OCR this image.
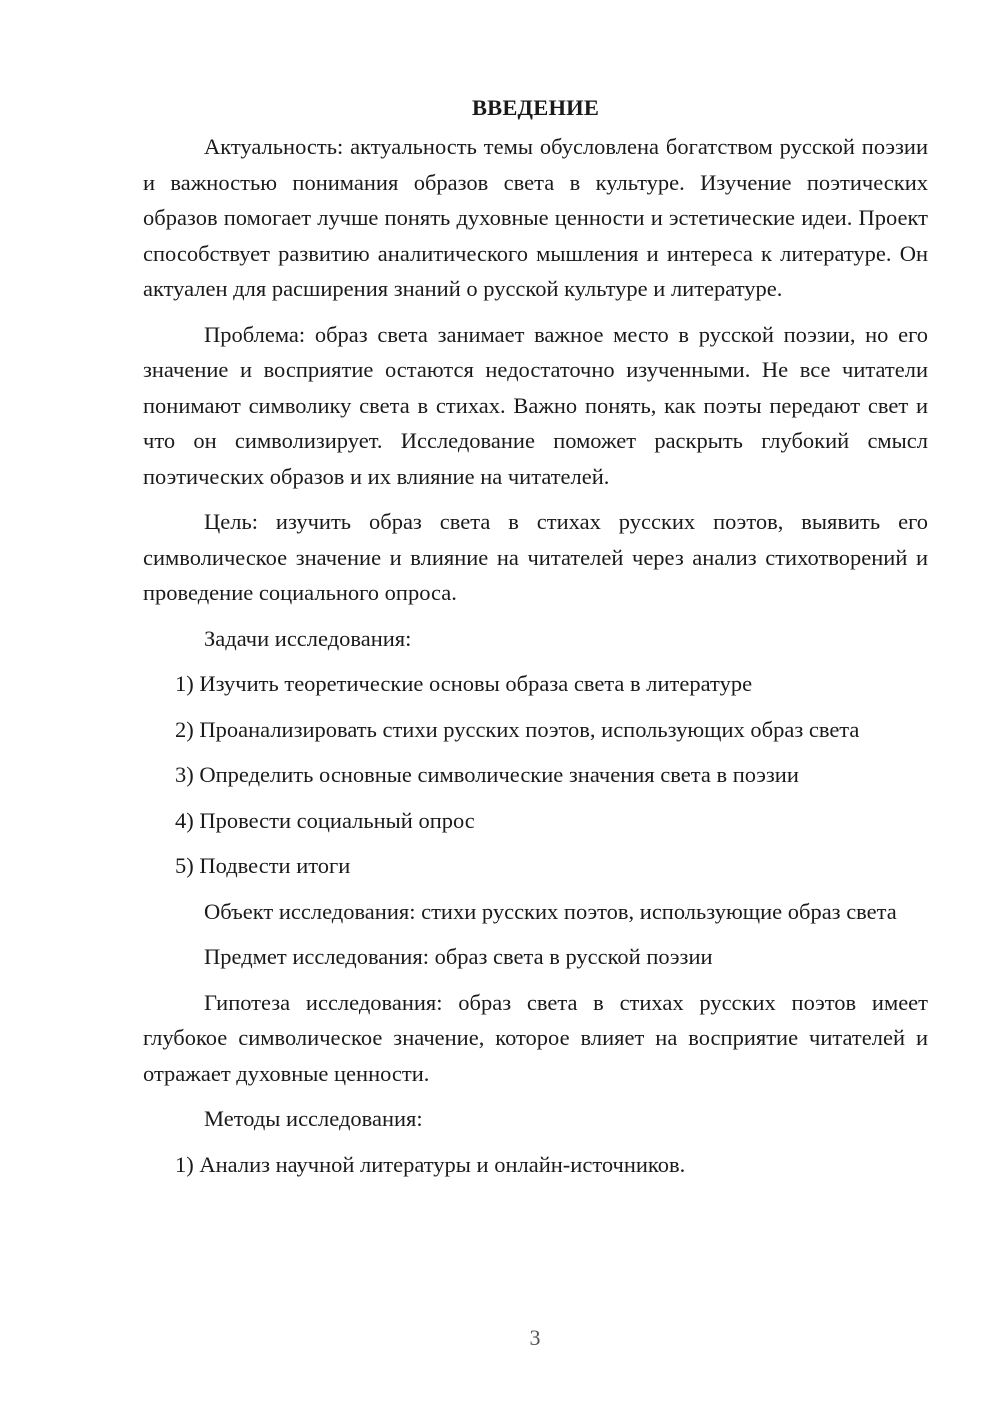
ВВЕДЕНИЕ

Актуальность: актуальность темы обусловлена богатством русской поэзии и важностью понимания образов света в культуре. Изучение поэтических образов помогает лучше понять духовные ценности и эстетические идеи. Проект способствует развитию аналитического мышления и интереса к литературе. Он актуален для расширения знаний о русской культуре и литературе.

Проблема: образ света занимает важное место в русской поэзии, но его значение и восприятие остаются недостаточно изученными. Не все читатели понимают символику света в стихах. Важно понять, как поэты передают свет и что он символизирует. Исследование поможет раскрыть глубокий смысл поэтических образов и их влияние на читателей.

Цель: изучить образ света в стихах русских поэтов, выявить его символическое значение и влияние на читателей через анализ стихотворений и проведение социального опроса.

Задачи исследования:

1) Изучить теоретические основы образа света в литературе

2) Проанализировать стихи русских поэтов, использующих образ света

3) Определить основные символические значения света в поэзии

4) Провести социальный опрос

5) Подвести итоги

Объект исследования: стихи русских поэтов, использующие образ света

Предмет исследования: образ света в русской поэзии

Гипотеза исследования: образ света в стихах русских поэтов имеет глубокое символическое значение, которое влияет на восприятие читателей и отражает духовные ценности.

Методы исследования:

1) Анализ научной литературы и онлайн-источников.

3
